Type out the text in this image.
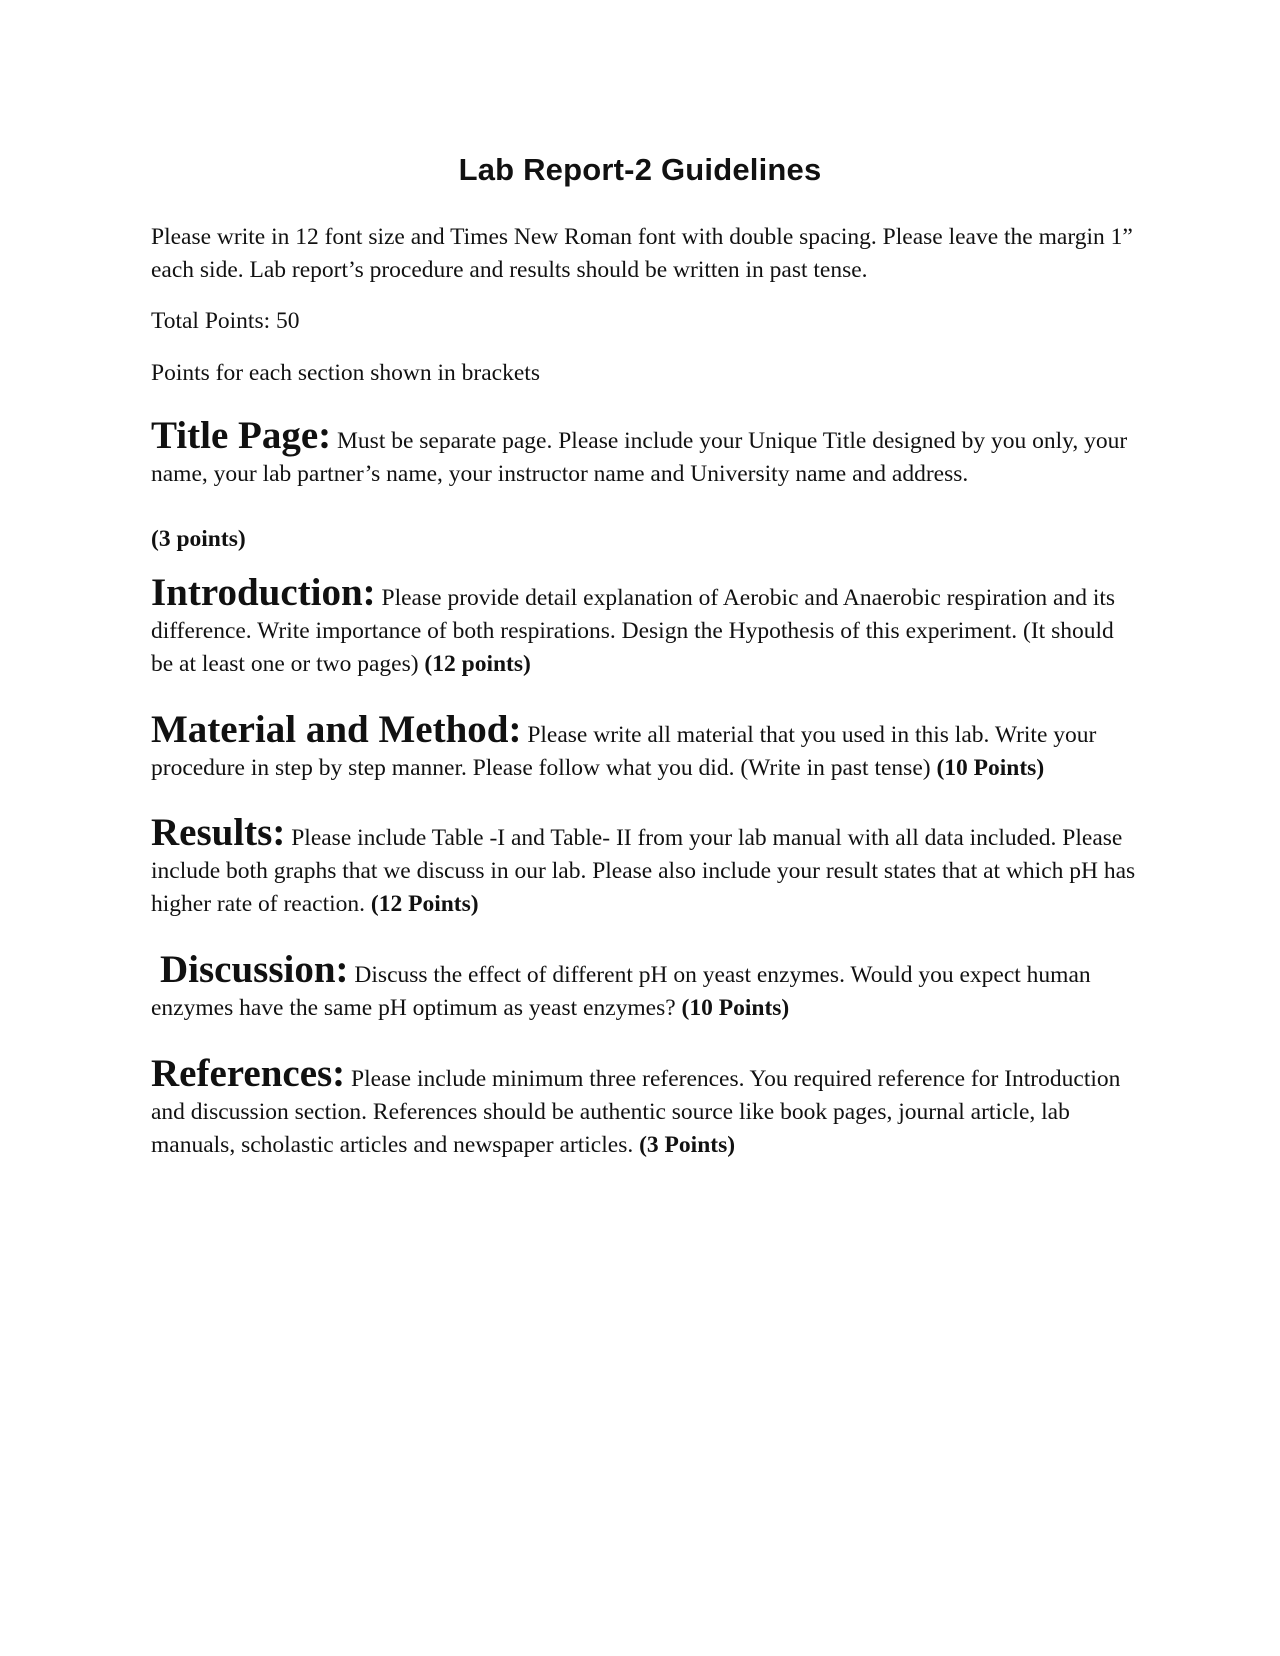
Lab Report-2 Guidelines

Please write in 12 font size and Times New Roman font with double spacing. Please leave the margin 1” each side. Lab report’s procedure and results should be written in past tense.

Total Points: 50

Points for each section shown in brackets

Title Page: Must be separate page. Please include your Unique Title designed by you only, your name, your lab partner’s name, your instructor name and University name and address.

(3 points)

Introduction: Please provide detail explanation of Aerobic and Anaerobic respiration and its difference. Write importance of both respirations. Design the Hypothesis of this experiment. (It should be at least one or two pages) (12 points)

Material and Method: Please write all material that you used in this lab. Write your procedure in step by step manner. Please follow what you did. (Write in past tense) (10 Points)

Results: Please include Table -I and Table- II from your lab manual with all data included. Please include both graphs that we discuss in our lab. Please also include your result states that at which pH has higher rate of reaction. (12 Points)

Discussion: Discuss the effect of different pH on yeast enzymes. Would you expect human enzymes have the same pH optimum as yeast enzymes? (10 Points)

References: Please include minimum three references. You required reference for Introduction and discussion section. References should be authentic source like book pages, journal article, lab manuals, scholastic articles and newspaper articles. (3 Points)
